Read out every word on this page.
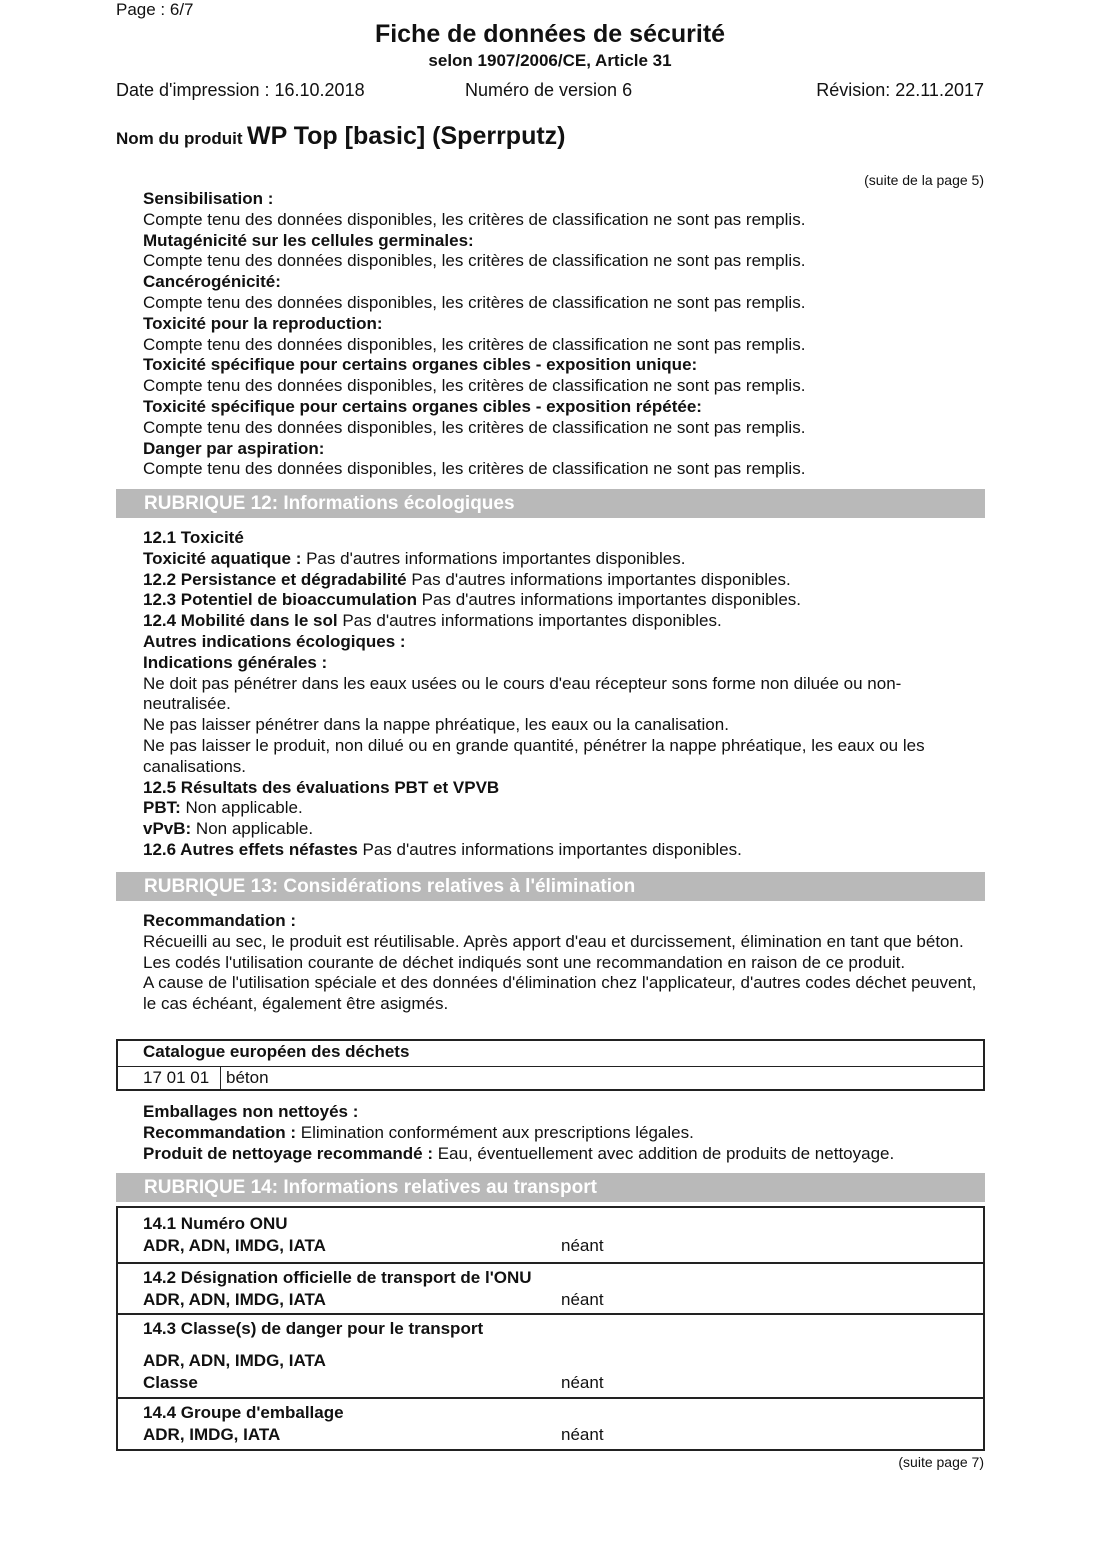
Page : 6/7
Fiche de données de sécurité
selon 1907/2006/CE, Article 31
Date d'impression : 16.10.2018	Numéro de version 6	Révision: 22.11.2017
Nom du produit WP Top [basic] (Sperrputz)
(suite de la page 5)

Sensibilisation :

Compte tenu des données disponibles, les critères de classification ne sont pas remplis.

Mutagénicité sur les cellules germinales:

Compte tenu des données disponibles, les critères de classification ne sont pas remplis.

Cancérogénicité:

Compte tenu des données disponibles, les critères de classification ne sont pas remplis.

Toxicité pour la reproduction:

Compte tenu des données disponibles, les critères de classification ne sont pas remplis.

Toxicité spécifique pour certains organes cibles - exposition unique:

Compte tenu des données disponibles, les critères de classification ne sont pas remplis.

Toxicité spécifique pour certains organes cibles - exposition répétée:

Compte tenu des données disponibles, les critères de classification ne sont pas remplis.

Danger par aspiration:

Compte tenu des données disponibles, les critères de classification ne sont pas remplis.

RUBRIQUE 12: Informations écologiques

12.1 Toxicité

Toxicité aquatique : Pas d'autres informations importantes disponibles.

12.2 Persistance et dégradabilité Pas d'autres informations importantes disponibles.

12.3 Potentiel de bioaccumulation Pas d'autres informations importantes disponibles.

12.4 Mobilité dans le sol Pas d'autres informations importantes disponibles.

Autres indications écologiques :

Indications générales :

Ne doit pas pénétrer dans les eaux usées ou le cours d'eau récepteur sons forme non diluée ou non-neutralisée.

Ne pas laisser pénétrer dans la nappe phréatique, les eaux ou la canalisation.

Ne pas laisser le produit, non dilué ou en grande quantité, pénétrer la nappe phréatique, les eaux ou les canalisations.

12.5 Résultats des évaluations PBT et VPVB

PBT: Non applicable.

vPvB: Non applicable.

12.6 Autres effets néfastes Pas d'autres informations importantes disponibles.

RUBRIQUE 13: Considérations relatives à l'élimination

Recommandation :

Récueilli au sec, le produit est réutilisable. Après apport d'eau et durcissement, élimination en tant que béton.

Les codés l'utilisation courante de déchet indiqués sont une recommandation en raison de ce produit.

A cause de l'utilisation spéciale et des données d'élimination chez l'applicateur, d'autres codes déchet peuvent, le cas échéant, également être asigmés.

Catalogue européen des déchets
17 01 01 béton

Emballages non nettoyés :

Recommandation : Elimination conformément aux prescriptions légales.

Produit de nettoyage recommandé : Eau, éventuellement avec addition de produits de nettoyage.

RUBRIQUE 14: Informations relatives au transport
14.1 Numéro ONU
ADR, ADN, IMDG, IATA	néant
14.2 Désignation officielle de transport de l'ONU
ADR, ADN, IMDG, IATA	néant
14.3 Classe(s) de danger pour le transport
ADR, ADN, IMDG, IATA
Classe	néant
14.4 Groupe d'emballage
ADR, IMDG, IATA	néant
(suite page 7)
